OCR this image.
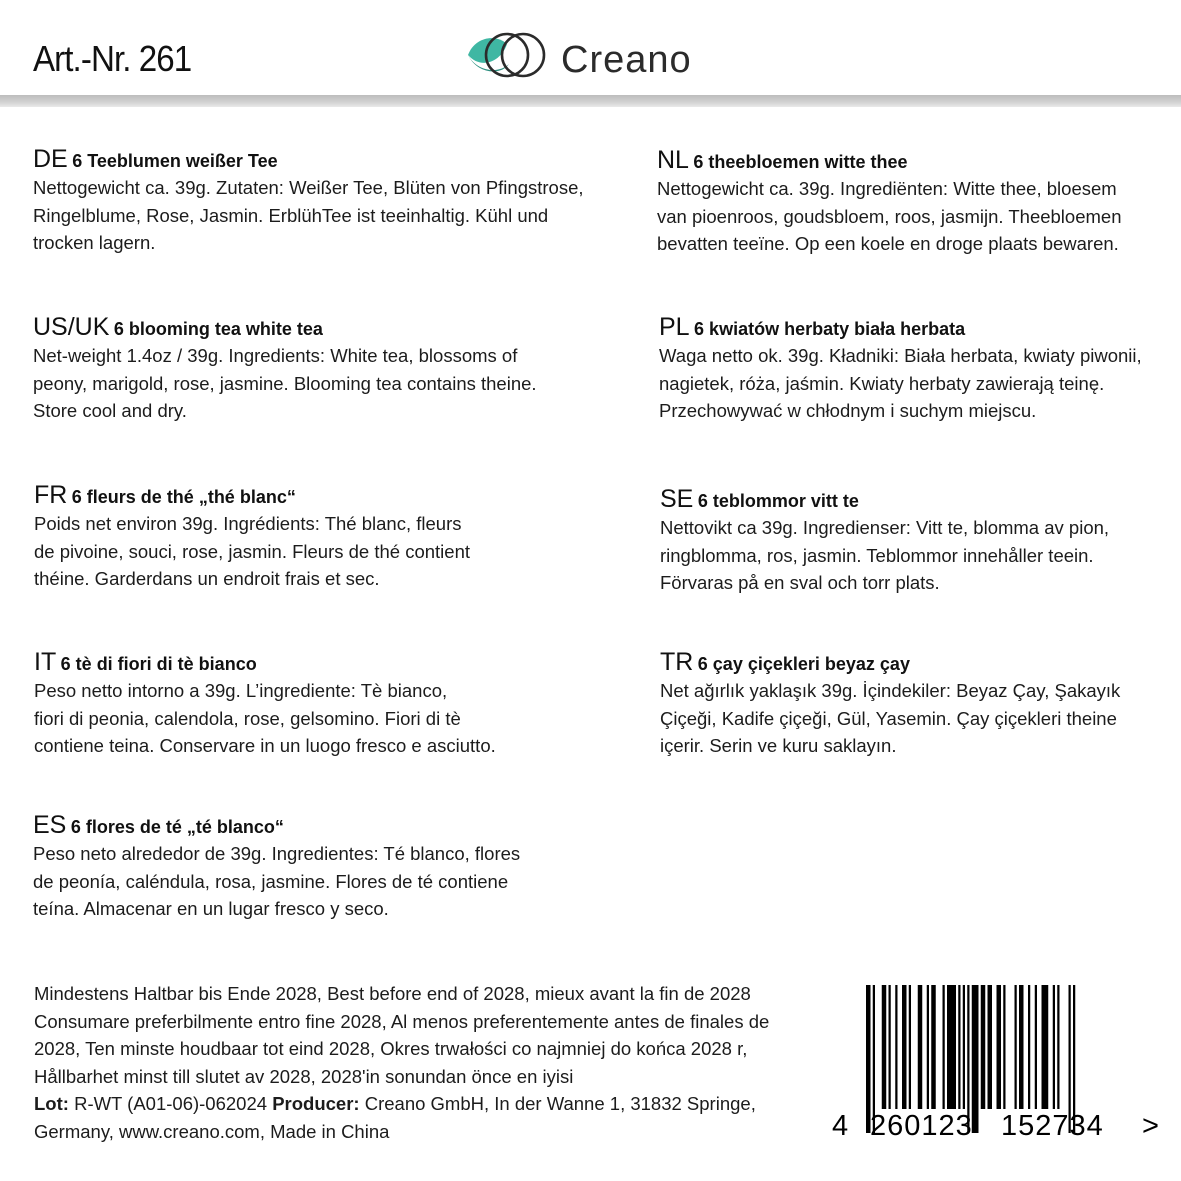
Art.-Nr. 261	Creano
DE 6 Teeblumen weißer Tee
Nettogewicht ca. 39g. Zutaten: Weißer Tee, Blüten von Pfingstrose,
Ringelblume, Rose, Jasmin. ErblühTee ist teeinhaltig. Kühl und
trocken lagern.
US/UK 6 blooming tea white tea
Net-weight 1.4oz / 39g. Ingredients: White tea, blossoms of
peony, marigold, rose, jasmine. Blooming tea contains theine.
Store cool and dry.
FR 6 fleurs de thé „thé blanc“
Poids net environ 39g. Ingrédients: Thé blanc, fleurs
de pivoine, souci, rose, jasmin. Fleurs de thé contient
théine. Garderdans un endroit frais et sec.
IT 6 tè di fiori di tè bianco
Peso netto intorno a 39g. L’ingrediente: Tè bianco,
fiori di peonia, calendola, rose, gelsomino. Fiori di tè
contiene teina. Conservare in un luogo fresco e asciutto.
ES 6 flores de té „té blanco“
Peso neto alrededor de 39g. Ingredientes: Té blanco, flores
de peonía, caléndula, rosa, jasmine. Flores de té contiene
teína. Almacenar en un lugar fresco y seco.
NL 6 theebloemen witte thee
Nettogewicht ca. 39g. Ingrediënten: Witte thee, bloesem
van pioenroos, goudsbloem, roos, jasmijn. Theebloemen
bevatten teeïne. Op een koele en droge plaats bewaren.
PL 6 kwiatów herbaty biała herbata
Waga netto ok. 39g. Kładniki: Biała herbata, kwiaty piwonii,
nagietek, róża, jaśmin. Kwiaty herbaty zawierają teinę.
Przechowywać w chłodnym i suchym miejscu.
SE 6 teblommor vitt te
Nettovikt ca 39g. Ingredienser: Vitt te, blomma av pion,
ringblomma, ros, jasmin. Teblommor innehåller teein.
Förvaras på en sval och torr plats.
TR 6 çay çiçekleri beyaz çay
Net ağırlık yaklaşık 39g. İçindekiler: Beyaz Çay, Şakayık
Çiçeği, Kadife çiçeği, Gül, Yasemin. Çay çiçekleri theine
içerir. Serin ve kuru saklayın.

Mindestens Haltbar bis Ende 2028, Best before end of 2028, mieux avant la fin de 2028

Consumare preferbilmente entro fine 2028, Al menos preferentemente antes de finales de

2028, Ten minste houdbaar tot eind 2028, Okres trwałości co najmniej do końca 2028 r,

Hållbarhet minst till slutet av 2028, 2028'in sonundan önce en iyisi

Lot: R-WT (A01-06)-062024 Producer: Creano GmbH, In der Wanne 1, 31832 Springe,

Germany, www.creano.com, Made in China	4 260123 152734 >
